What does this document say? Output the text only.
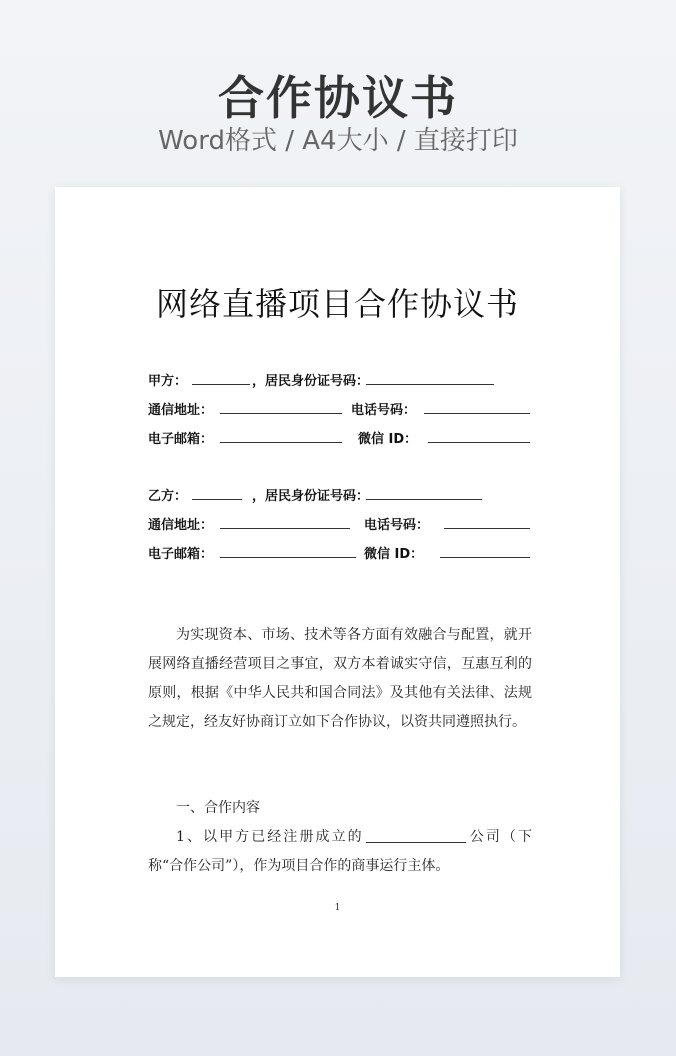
合作协议书
Word格式 / A4大小 / 直接打印
网络直播项目合作协议书
甲方：	，居民身份证号码：
通信地址：	电话号码：
电子邮箱：	微信 ID：
乙方：	，居民身份证号码：
通信地址：	电话号码：
电子邮箱：	微信 ID：
为实现资本、市场、技术等各方面有效融合与配置，就开展网络直播经营项目之事宜，双方本着诚实守信，互惠互利的原则，根据《中华人民共和国合同法》及其他有关法律、法规之规定，经友好协商订立如下合作协议，以资共同遵照执行。
一、合作内容
1、以甲方已经注册成立的	公司（下称“合作公司”），作为项目合作的商事运行主体。
1
